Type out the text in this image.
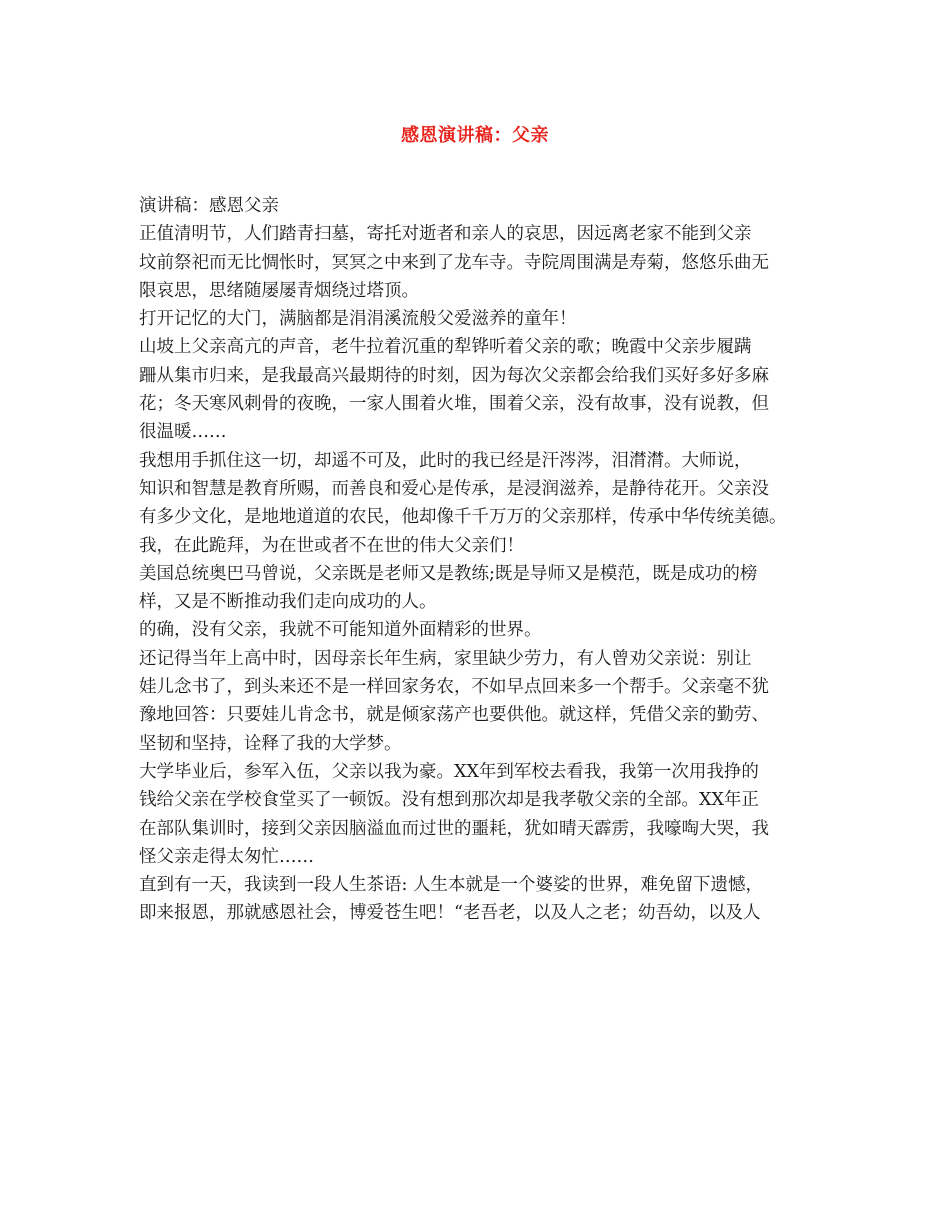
感恩演讲稿：父亲
演讲稿：感恩父亲
正值清明节，人们踏青扫墓，寄托对逝者和亲人的哀思，因远离老家不能到父亲
坟前祭祀而无比惆怅时，冥冥之中来到了龙车寺。寺院周围满是寿菊，悠悠乐曲无
限哀思，思绪随屡屡青烟绕过塔顶。
打开记忆的大门，满脑都是涓涓溪流般父爱滋养的童年！
山坡上父亲高亢的声音，老牛拉着沉重的犁铧听着父亲的歌；晚霞中父亲步履蹒
跚从集市归来，是我最高兴最期待的时刻，因为每次父亲都会给我们买好多好多麻
花；冬天寒风刺骨的夜晚，一家人围着火堆，围着父亲，没有故事，没有说教，但
很温暖……
我想用手抓住这一切，却遥不可及，此时的我已经是汗涔涔，泪潸潸。大师说，
知识和智慧是教育所赐，而善良和爱心是传承，是浸润滋养，是静待花开。父亲没
有多少文化，是地地道道的农民，他却像千千万万的父亲那样，传承中华传统美德。
我，在此跪拜，为在世或者不在世的伟大父亲们！
美国总统奥巴马曾说，父亲既是老师又是教练;既是导师又是模范，既是成功的榜
样，又是不断推动我们走向成功的人。
的确，没有父亲，我就不可能知道外面精彩的世界。
还记得当年上高中时，因母亲长年生病，家里缺少劳力，有人曾劝父亲说：别让
娃儿念书了，到头来还不是一样回家务农，不如早点回来多一个帮手。父亲毫不犹
豫地回答：只要娃儿肯念书，就是倾家荡产也要供他。就这样，凭借父亲的勤劳、
坚韧和坚持，诠释了我的大学梦。
大学毕业后，参军入伍，父亲以我为豪。XX年到军校去看我，我第一次用我挣的
钱给父亲在学校食堂买了一顿饭。没有想到那次却是我孝敬父亲的全部。XX年正
在部队集训时，接到父亲因脑溢血而过世的噩耗，犹如晴天霹雳，我嚎啕大哭，我
怪父亲走得太匆忙……
直到有一天，我读到一段人生茶语: 人生本就是一个婆娑的世界，难免留下遗憾，
即来报恩，那就感恩社会，博爱苍生吧！“老吾老，以及人之老；幼吾幼，以及人
